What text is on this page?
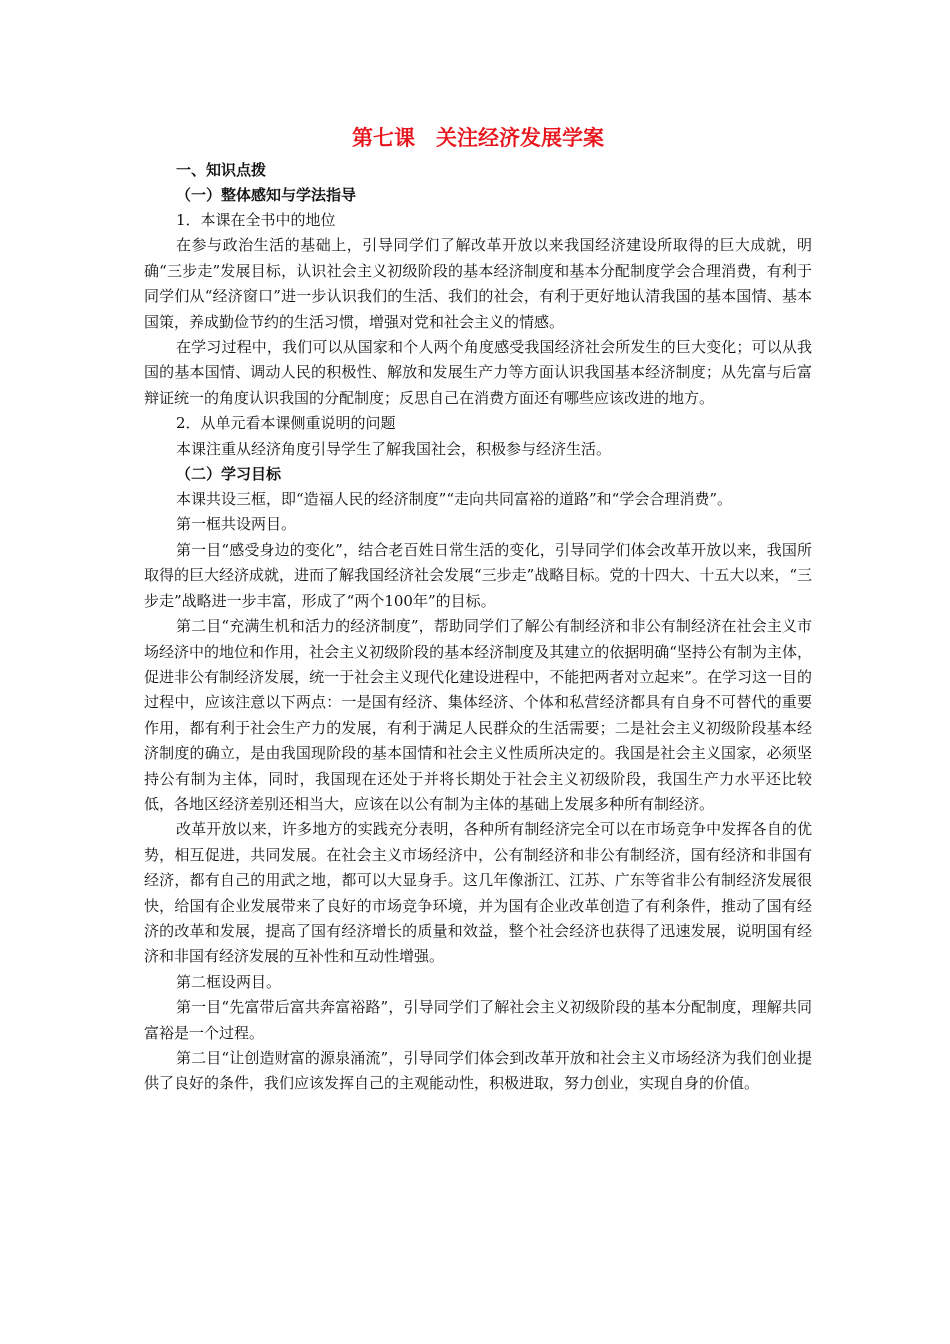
第七课　关注经济发展学案

一、知识点拨

（一）整体感知与学法指导

1．本课在全书中的地位

在参与政治生活的基础上，引导同学们了解改革开放以来我国经济建设所取得的巨大成就，明确“三步走”发展目标，认识社会主义初级阶段的基本经济制度和基本分配制度学会合理消费，有利于同学们从“经济窗口”进一步认识我们的生活、我们的社会，有利于更好地认清我国的基本国情、基本国策，养成勤俭节约的生活习惯，增强对党和社会主义的情感。

在学习过程中，我们可以从国家和个人两个角度感受我国经济社会所发生的巨大变化；可以从我国的基本国情、调动人民的积极性、解放和发展生产力等方面认识我国基本经济制度；从先富与后富辩证统一的角度认识我国的分配制度；反思自己在消费方面还有哪些应该改进的地方。

2．从单元看本课侧重说明的问题

本课注重从经济角度引导学生了解我国社会，积极参与经济生活。

（二）学习目标

本课共设三框，即“造福人民的经济制度”“走向共同富裕的道路”和“学会合理消费”。

第一框共设两目。

第一目“感受身边的变化”，结合老百姓日常生活的变化，引导同学们体会改革开放以来，我国所取得的巨大经济成就，进而了解我国经济社会发展“三步走”战略目标。党的十四大、十五大以来，“三步走”战略进一步丰富，形成了“两个100年”的目标。

第二目“充满生机和活力的经济制度”，帮助同学们了解公有制经济和非公有制经济在社会主义市场经济中的地位和作用，社会主义初级阶段的基本经济制度及其建立的依据明确“坚持公有制为主体，促进非公有制经济发展，统一于社会主义现代化建设进程中，不能把两者对立起来”。在学习这一目的过程中，应该注意以下两点：一是国有经济、集体经济、个体和私营经济都具有自身不可替代的重要作用，都有利于社会生产力的发展，有利于满足人民群众的生活需要；二是社会主义初级阶段基本经济制度的确立，是由我国现阶段的基本国情和社会主义性质所决定的。我国是社会主义国家，必须坚持公有制为主体，同时，我国现在还处于并将长期处于社会主义初级阶段，我国生产力水平还比较低，各地区经济差别还相当大，应该在以公有制为主体的基础上发展多种所有制经济。

改革开放以来，许多地方的实践充分表明，各种所有制经济完全可以在市场竞争中发挥各自的优势，相互促进，共同发展。在社会主义市场经济中，公有制经济和非公有制经济，国有经济和非国有经济，都有自己的用武之地，都可以大显身手。这几年像浙江、江苏、广东等省非公有制经济发展很快，给国有企业发展带来了良好的市场竞争环境，并为国有企业改革创造了有利条件，推动了国有经济的改革和发展，提高了国有经济增长的质量和效益，整个社会经济也获得了迅速发展，说明国有经济和非国有经济发展的互补性和互动性增强。

第二框设两目。

第一目“先富带后富共奔富裕路”，引导同学们了解社会主义初级阶段的基本分配制度，理解共同富裕是一个过程。

第二目“让创造财富的源泉涌流”，引导同学们体会到改革开放和社会主义市场经济为我们创业提供了良好的条件，我们应该发挥自己的主观能动性，积极进取，努力创业，实现自身的价值。
